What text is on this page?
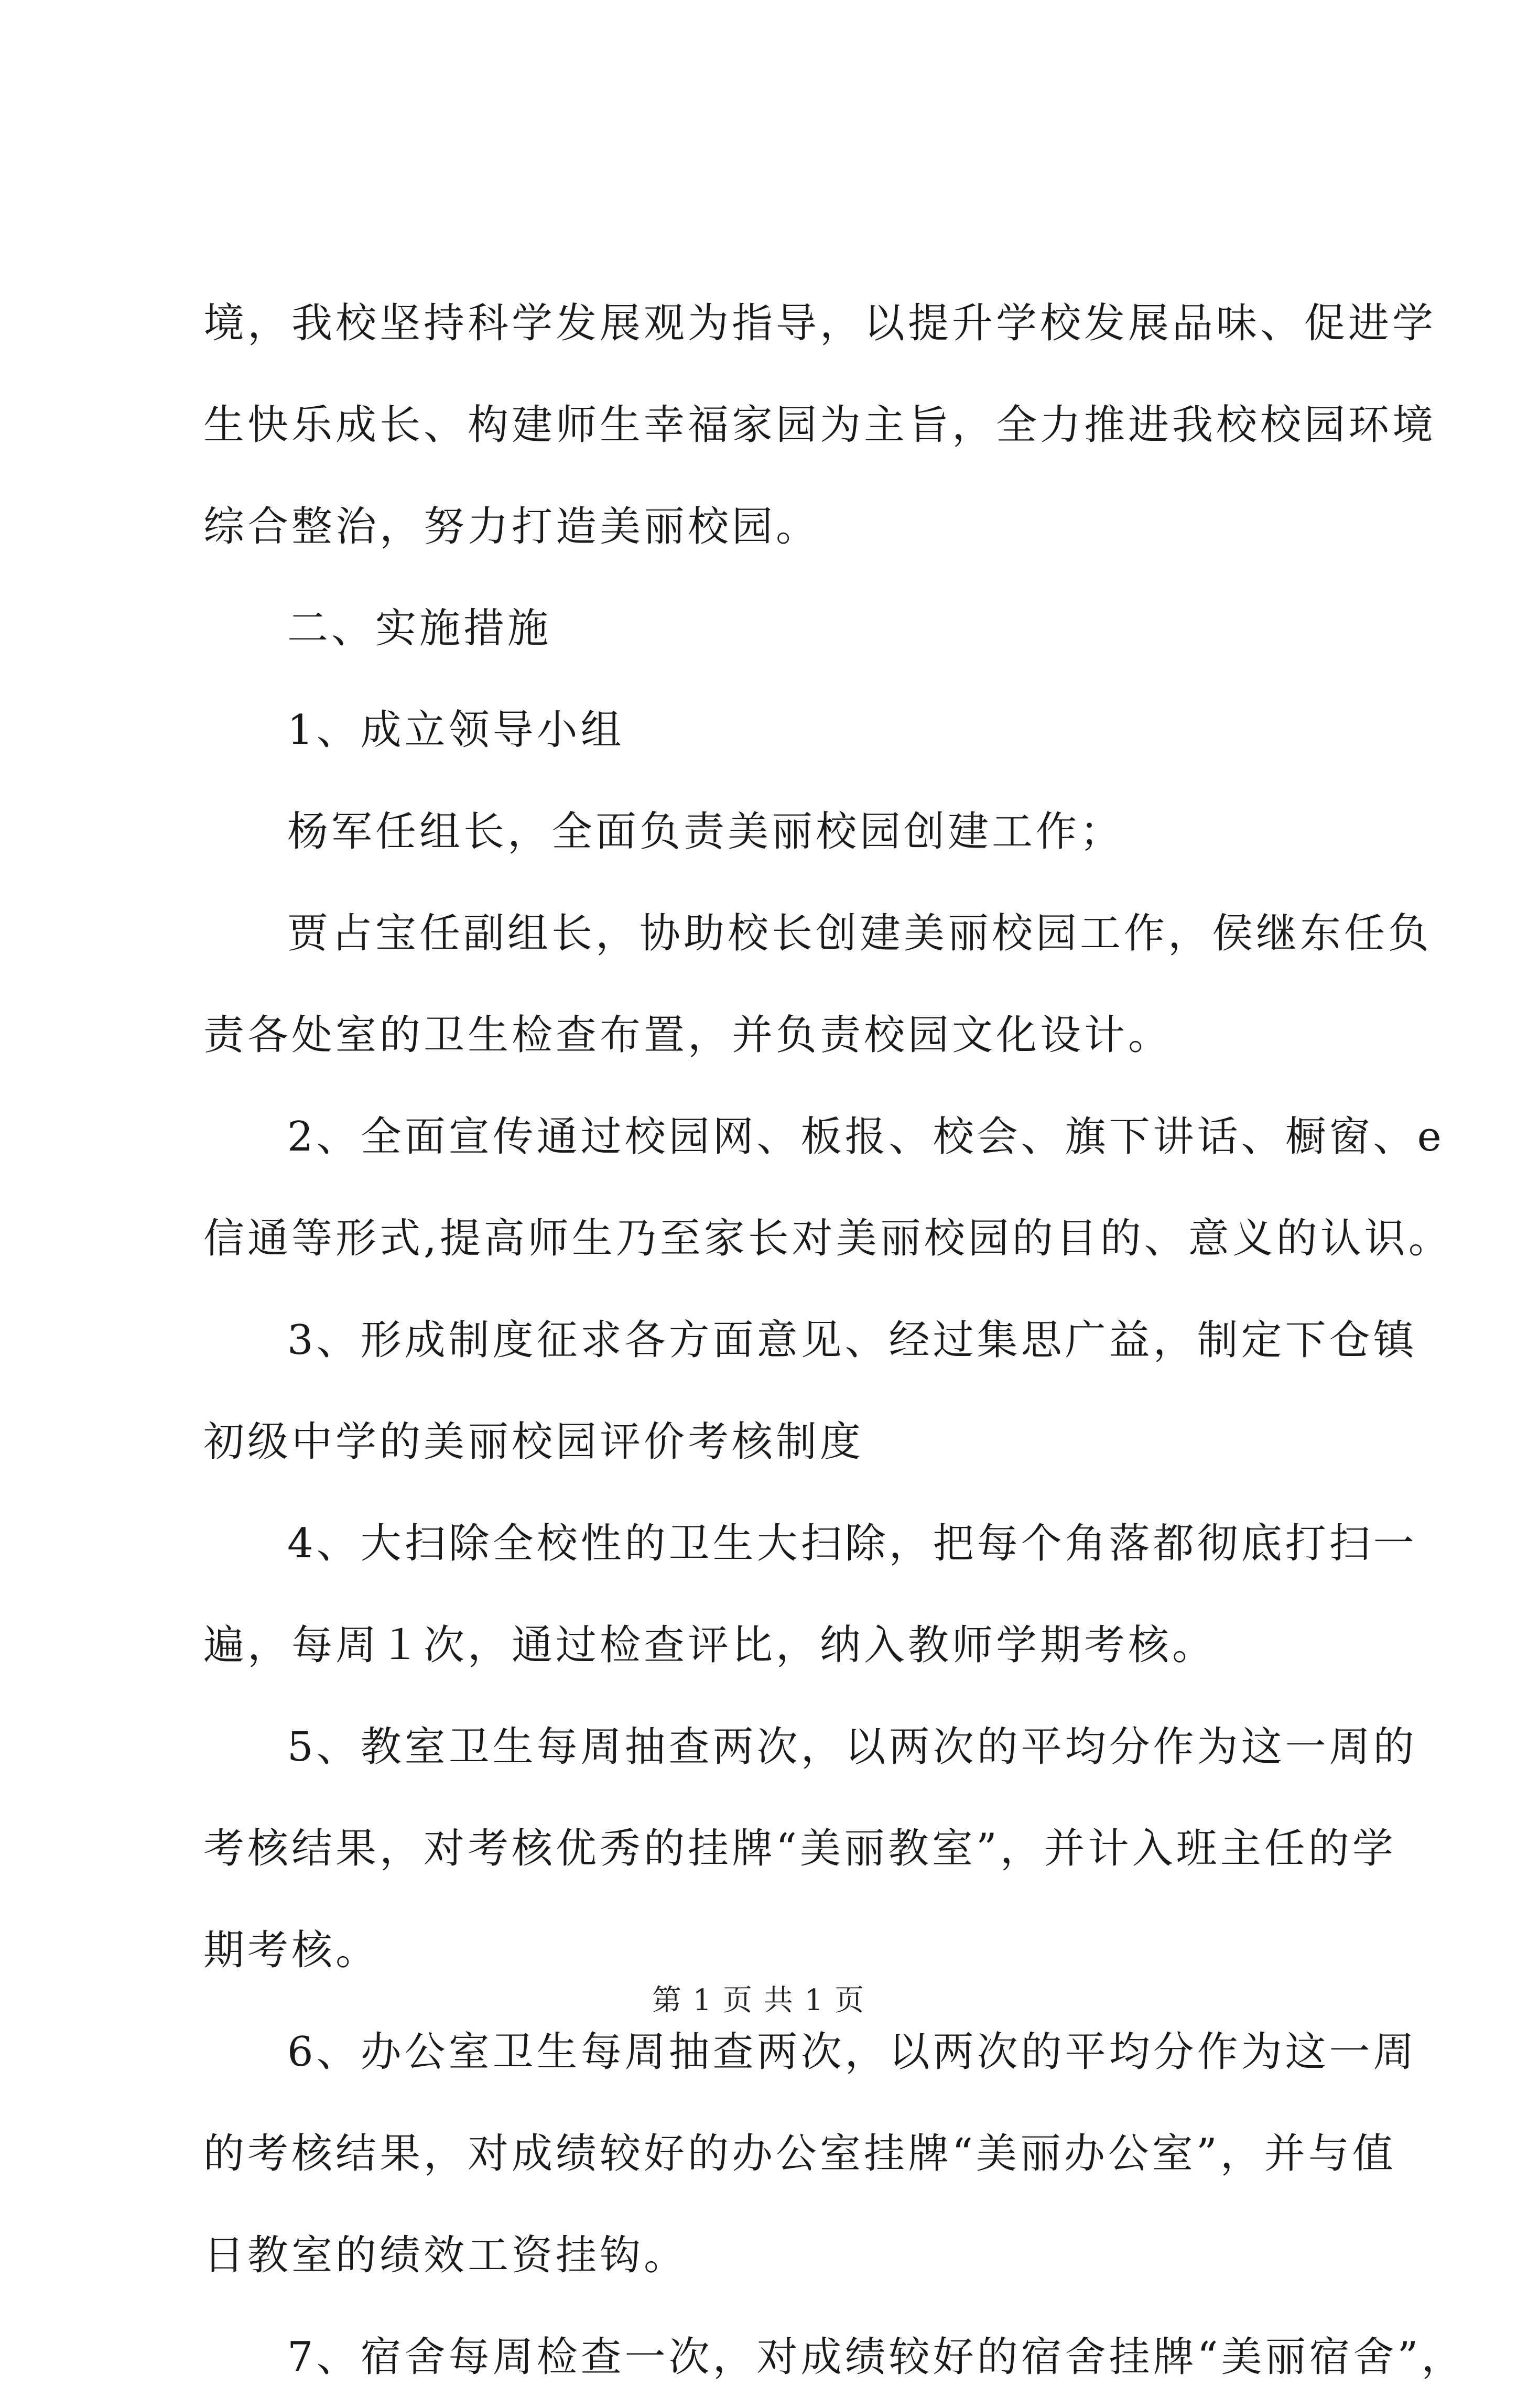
境，我校坚持科学发展观为指导，以提升学校发展品味、促进学
生快乐成长、构建师生幸福家园为主旨，全力推进我校校园环境
综合整治，努力打造美丽校园。
二、实施措施
1、成立领导小组
杨军任组长，全面负责美丽校园创建工作；
贾占宝任副组长，协助校长创建美丽校园工作，侯继东任负
责各处室的卫生检查布置，并负责校园文化设计。
2、全面宣传通过校园网、板报、校会、旗下讲话、橱窗、e
信通等形式,提高师生乃至家长对美丽校园的目的、意义的认识。
3、形成制度征求各方面意见、经过集思广益，制定下仓镇
初级中学的美丽校园评价考核制度
4、大扫除全校性的卫生大扫除，把每个角落都彻底打扫一
遍，每周１次，通过检查评比，纳入教师学期考核。
5、教室卫生每周抽查两次，以两次的平均分作为这一周的
考核结果，对考核优秀的挂牌“美丽教室”，并计入班主任的学
期考核。
6、办公室卫生每周抽查两次，以两次的平均分作为这一周
的考核结果，对成绩较好的办公室挂牌“美丽办公室”，并与值
日教室的绩效工资挂钩。
7、宿舍每周检查一次，对成绩较好的宿舍挂牌“美丽宿舍”，
第 1 页 共 1 页
